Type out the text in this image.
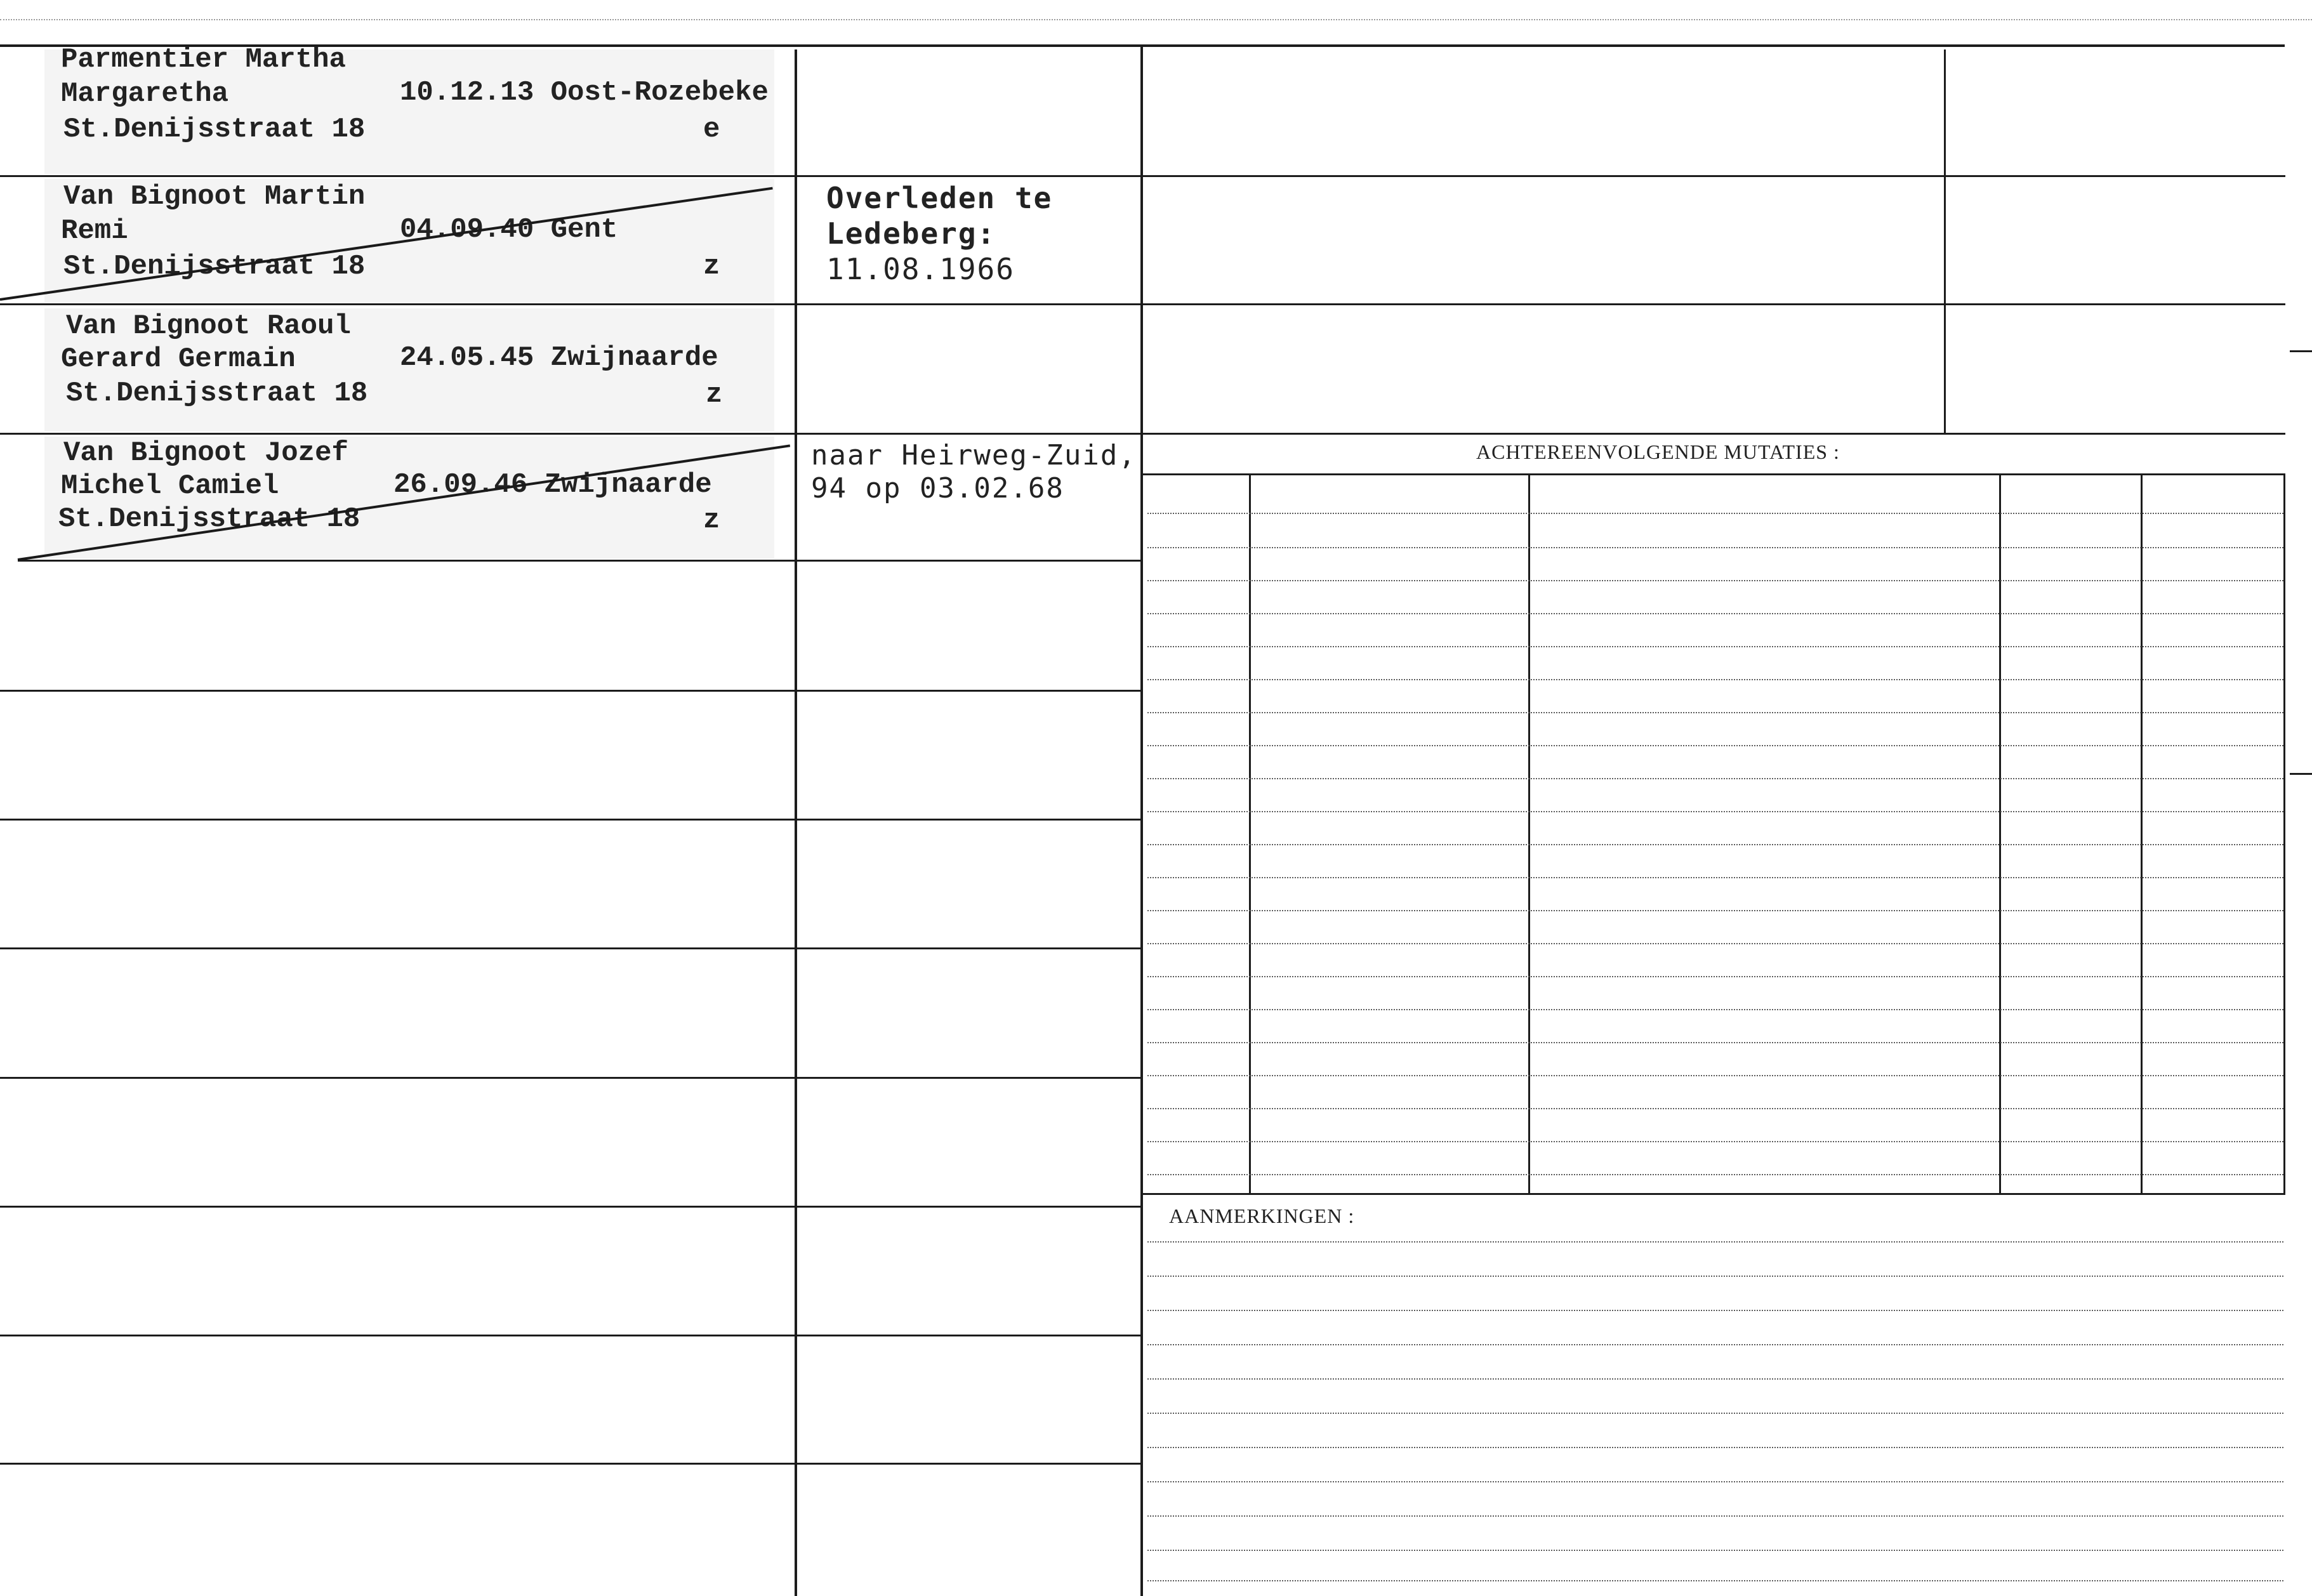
ACHTEREENVOLGENDE MUTATIES :
AANMERKINGEN :
Parmentier Martha
Margaretha
St.Denijsstraat 18
10.12.13 Oost-Rozebeke
e
Van Bignoot Martin
Remi
St.Denijsstraat 18
04.09.40 Gent
z
Overleden te
Ledeberg:
11.08.1966
Van Bignoot Raoul
Gerard Germain
St.Denijsstraat 18
24.05.45 Zwijnaarde
z
Van Bignoot Jozef
Michel Camiel
St.Denijsstraat 18
26.09.46 Zwijnaarde
z
naar Heirweg-Zuid,
94 op 03.02.68
